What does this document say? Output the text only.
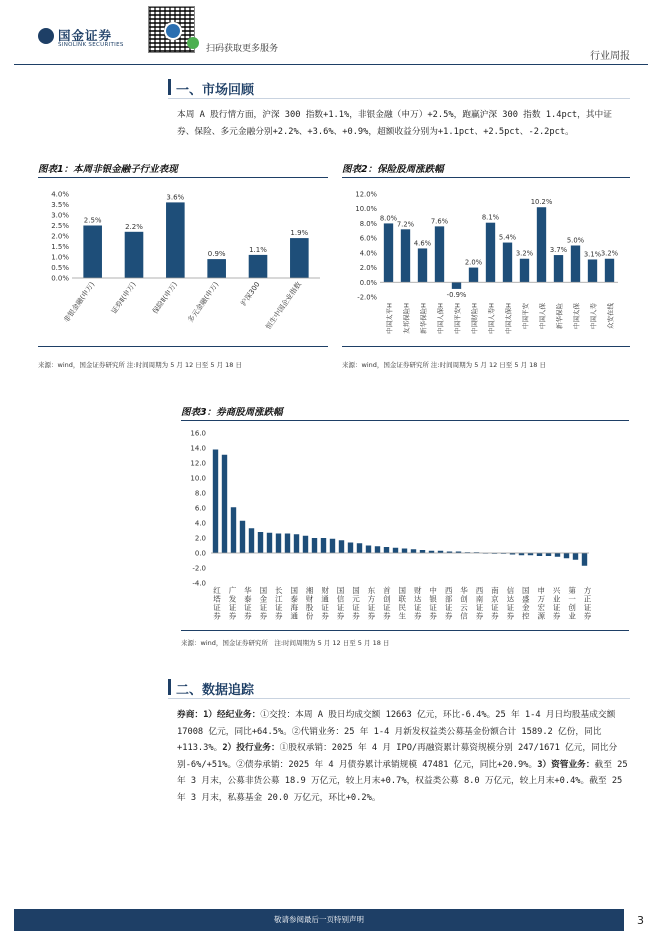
国金证券
SINOLINK SECURITIES	扫码获取更多服务
行业周报
一、市场回顾
本周 A 股行情方面，沪深 300 指数+1.1%，非银金融（申万）+2.5%，跑赢沪深 300 指数 1.4pct，其中证券、保险、多元金融分别+2.2%、+3.6%、+0.9%，超额收益分别为+1.1pct、+2.5pct、-2.2pct。
图表1：本周非银金融子行业表现
0.0%
0.5%
1.0%
1.5%
2.0%
2.5%
3.0%
3.5%
4.0%
2.5%
2.2%
3.6%
0.9%
1.1%
1.9%
非银金融(申万) 证券Ⅱ(申万) 保险Ⅱ(申万) 多元金融(申万)	沪深300 恒生中国企业指数
来源：wind，国金证券研究所 注:时间周期为 5 月 12 日至 5 月 18 日
图表2：保险股周涨跌幅
-2.0%
0.0%
2.0%
4.0%
6.0%
8.0%
10.0%
12.0%
8.0%
7.2%
4.6%
7.6%
-0.9%
2.0%
8.1%
5.4%
3.2%
10.2%
3.7%
5.0%
3.1% 3.2%
中国太平H 友邦保险H 新华保险H 中国人保H 中国平安H 中国财险H 中国人寿H 中国太保H 中国平安 中国人保 新华保险 中国太保 中国人寿 众安在线
来源：wind，国金证券研究所 注:时间周期为 5 月 12 日至 5 月 18 日
图表3：券商股周涨跌幅
-4.0
-2.0
0.0
2.0
4.0
6.0
8.0
10.0
12.0
14.0
16.0
红塔证券
广发证券
华泰证券
国金证券
长江证券
国泰海通
湘财股份
财通证券
国信证券
国元证券
东方证券
首创证券
国联民生
财达证券
中银证券
西部证券
华创云信
西南证券
南京证券
信达证券
国盛金控
申万宏源
兴业证券
第一创业
方正证券
来源：wind，国金证券研究所　注:时间周期为 5 月 12 日至 5 月 18 日
二、数据追踪
券商：1）经纪业务：①交投：本周 A 股日均成交额 12663 亿元，环比-6.4%。25 年 1-4 月日均股基成交额 17008 亿元，同比+64.5%。②代销业务：25 年 1-4 月新发权益类公募基金份额合计 1589.2 亿份，同比+113.3%。2）投行业务：①股权承销：2025 年 4 月 IPO/再融资累计募资规模分别 247/1671 亿元，同比分别-6%/+51%。②债券承销：2025 年 4 月债券累计承销规模 47481 亿元，同比+20.9%。3）资管业务：截至 25 年 3 月末，公募非货公募 18.9 万亿元，较上月末+0.7%，权益类公募 8.0 万亿元，较上月末+0.4%。截至 25 年 3 月末，私募基金 20.0 万亿元，环比+0.2%。
敬请参阅最后一页特别声明	3
